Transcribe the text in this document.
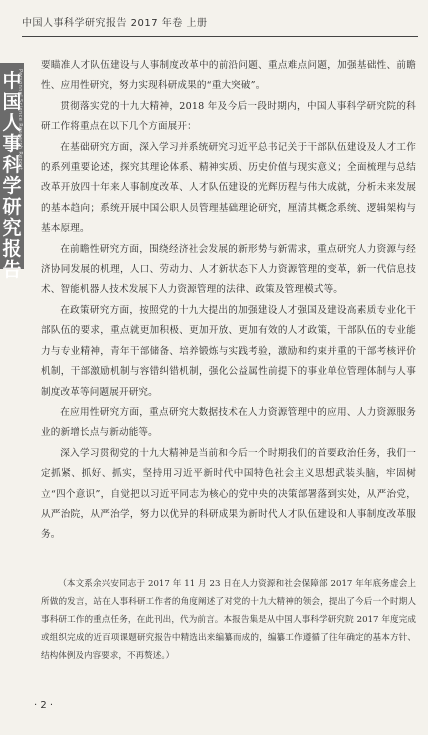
中国人事科学研究报告 2017 年卷 上册
中
国
人
事
科
学
研
究
报
告
Personnel Science Research Report

要瞄准人才队伍建设与人事制度改革中的前沿问题、重点难点问题，加强基础性、前瞻性、应用性研究，努力实现科研成果的“重大突破”。

贯彻落实党的十九大精神，2018 年及今后一段时期内，中国人事科学研究院的科研工作将重点在以下几个方面展开：

在基础研究方面，深入学习并系统研究习近平总书记关于干部队伍建设及人才工作的系列重要论述，探究其理论体系、精神实质、历史价值与现实意义；全面梳理与总结改革开放四十年来人事制度改革、人才队伍建设的光辉历程与伟大成就，分析未来发展的基本趋向；系统开展中国公职人员管理基础理论研究，厘清其概念系统、逻辑架构与基本原理。

在前瞻性研究方面，围绕经济社会发展的新形势与新需求，重点研究人力资源与经济协同发展的机理，人口、劳动力、人才新状态下人力资源管理的变革，新一代信息技术、智能机器人技术发展下人力资源管理的法律、政策及管理模式等。

在政策研究方面，按照党的十九大提出的加强建设人才强国及建设高素质专业化干部队伍的要求，重点就更加积极、更加开放、更加有效的人才政策，干部队伍的专业能力与专业精神，青年干部储备、培养锻炼与实践考验，激励和约束并重的干部考核评价机制，干部激励机制与容错纠错机制，强化公益属性前提下的事业单位管理体制与人事制度改革等问题展开研究。

在应用性研究方面，重点研究大数据技术在人力资源管理中的应用、人力资源服务业的新增长点与新动能等。

深入学习贯彻党的十九大精神是当前和今后一个时期我们的首要政治任务，我们一定抓紧、抓好、抓实，坚持用习近平新时代中国特色社会主义思想武装头脑，牢固树立“四个意识”，自觉把以习近平同志为核心的党中央的决策部署落到实处，从严治党，从严治院，从严治学，努力以优异的科研成果为新时代人才队伍建设和人事制度改革服务。

（本文系余兴安同志于 2017 年 11 月 23 日在人力资源和社会保障部 2017 年年底务虚会上所做的发言，站在人事科研工作者的角度阐述了对党的十九大精神的领会，提出了今后一个时期人事科研工作的重点任务，在此刊出，代为前言。本报告集是从中国人事科学研究院 2017 年度完成或组织完成的近百项课题研究报告中精选出来编纂而成的，编纂工作遵循了往年确定的基本方针、结构体例及内容要求，不再赘述。）

· 2 ·
